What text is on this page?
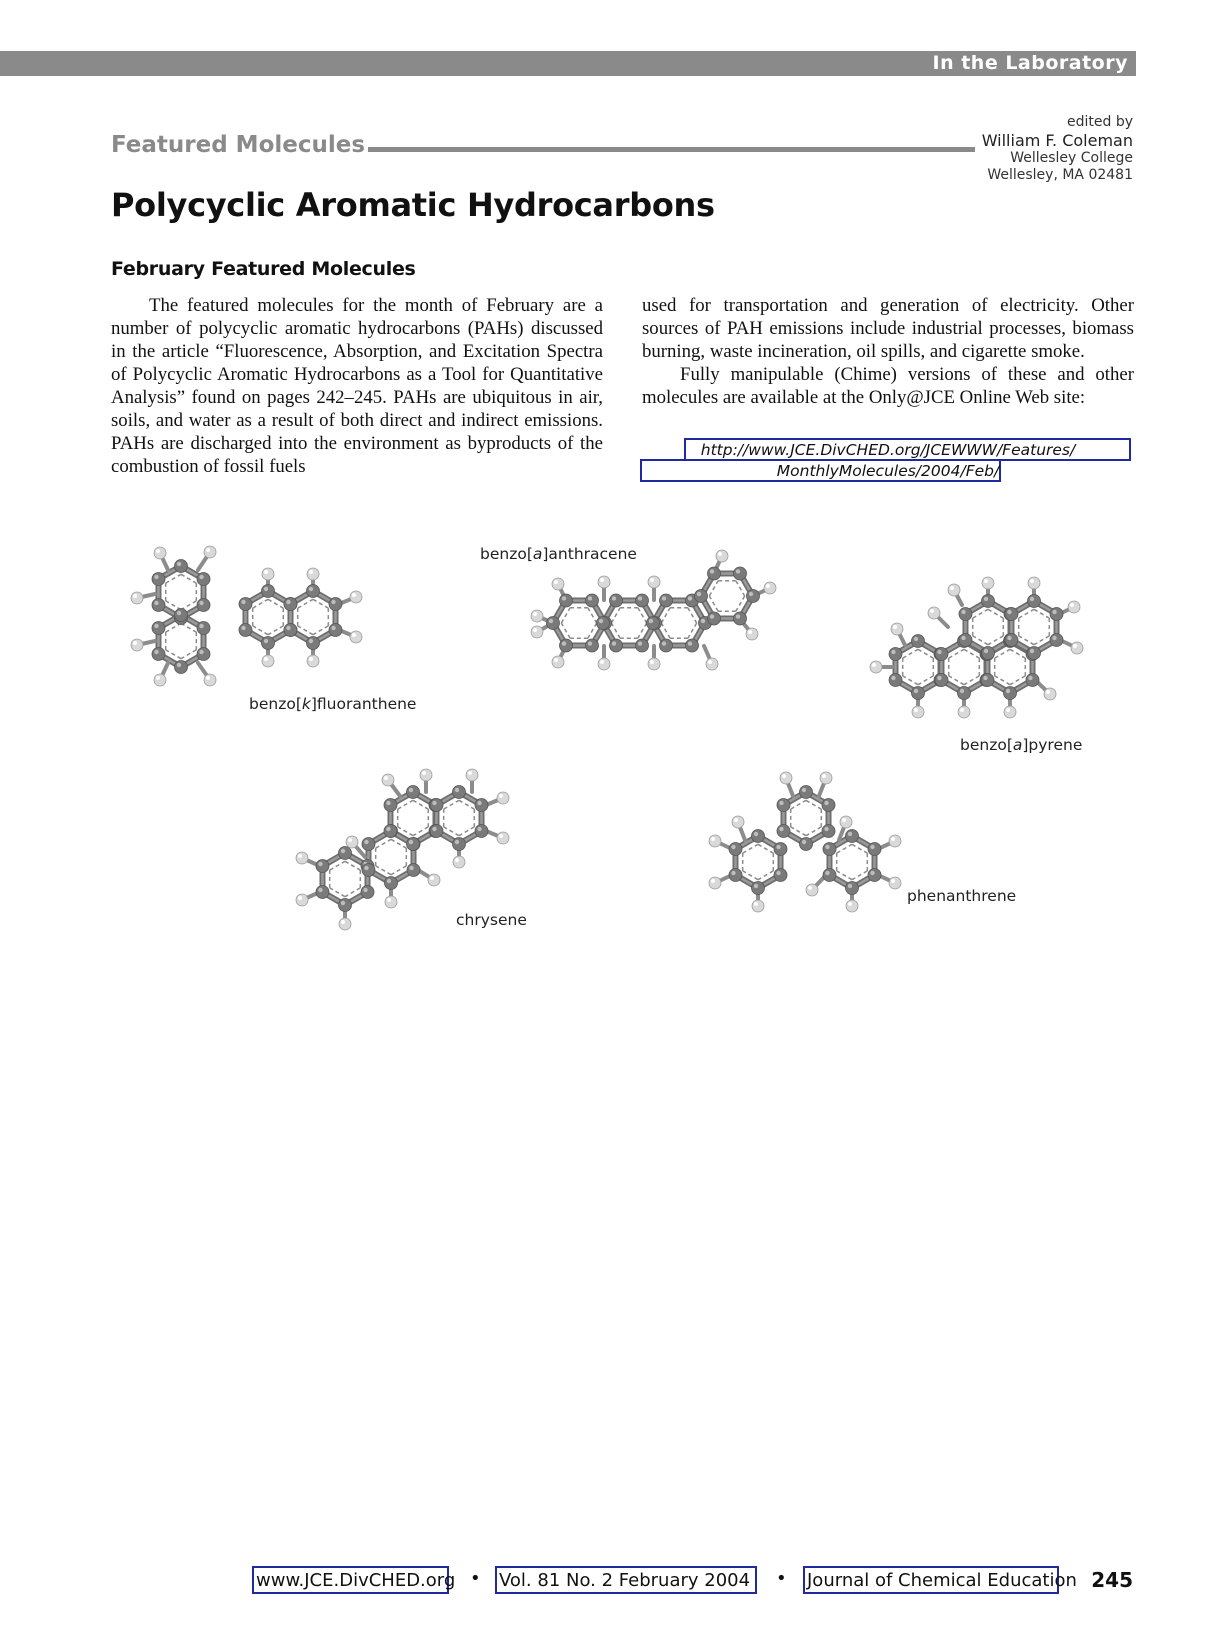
In the Laboratory
Featured Molecules
edited by
William F. Coleman
Wellesley College
Wellesley, MA 02481
Polycyclic Aromatic Hydrocarbons
February Featured Molecules

The featured molecules for the month of February are a number of polycyclic aromatic hydrocarbons (PAHs) discussed in the article “Fluorescence, Absorption, and Excitation Spectra of Polycyclic Aromatic Hydrocarbons as a Tool for Quantitative Analysis” found on pages 242–245. PAHs are ubiquitous in air, soils, and water as a result of both direct and indirect emissions. PAHs are discharged into the environment as byproducts of the combustion of fossil fuels

used for transportation and generation of electricity. Other sources of PAH emissions include industrial processes, biomass burning, waste incineration, oil spills, and cigarette smoke.

Fully manipulable (Chime) versions of these and other molecules are available at the Only@JCE Online Web site:

http://www.JCE.DivCHED.org/JCEWWW/Features/
MonthlyMolecules/2004/Feb/
benzo[k]fluoranthene
benzo[a]anthracene
benzo[a]pyrene
chrysene
phenanthrene
www.JCE.DivCHED.org • Vol. 81 No. 2 February 2004	• Journal of Chemical Education 245
